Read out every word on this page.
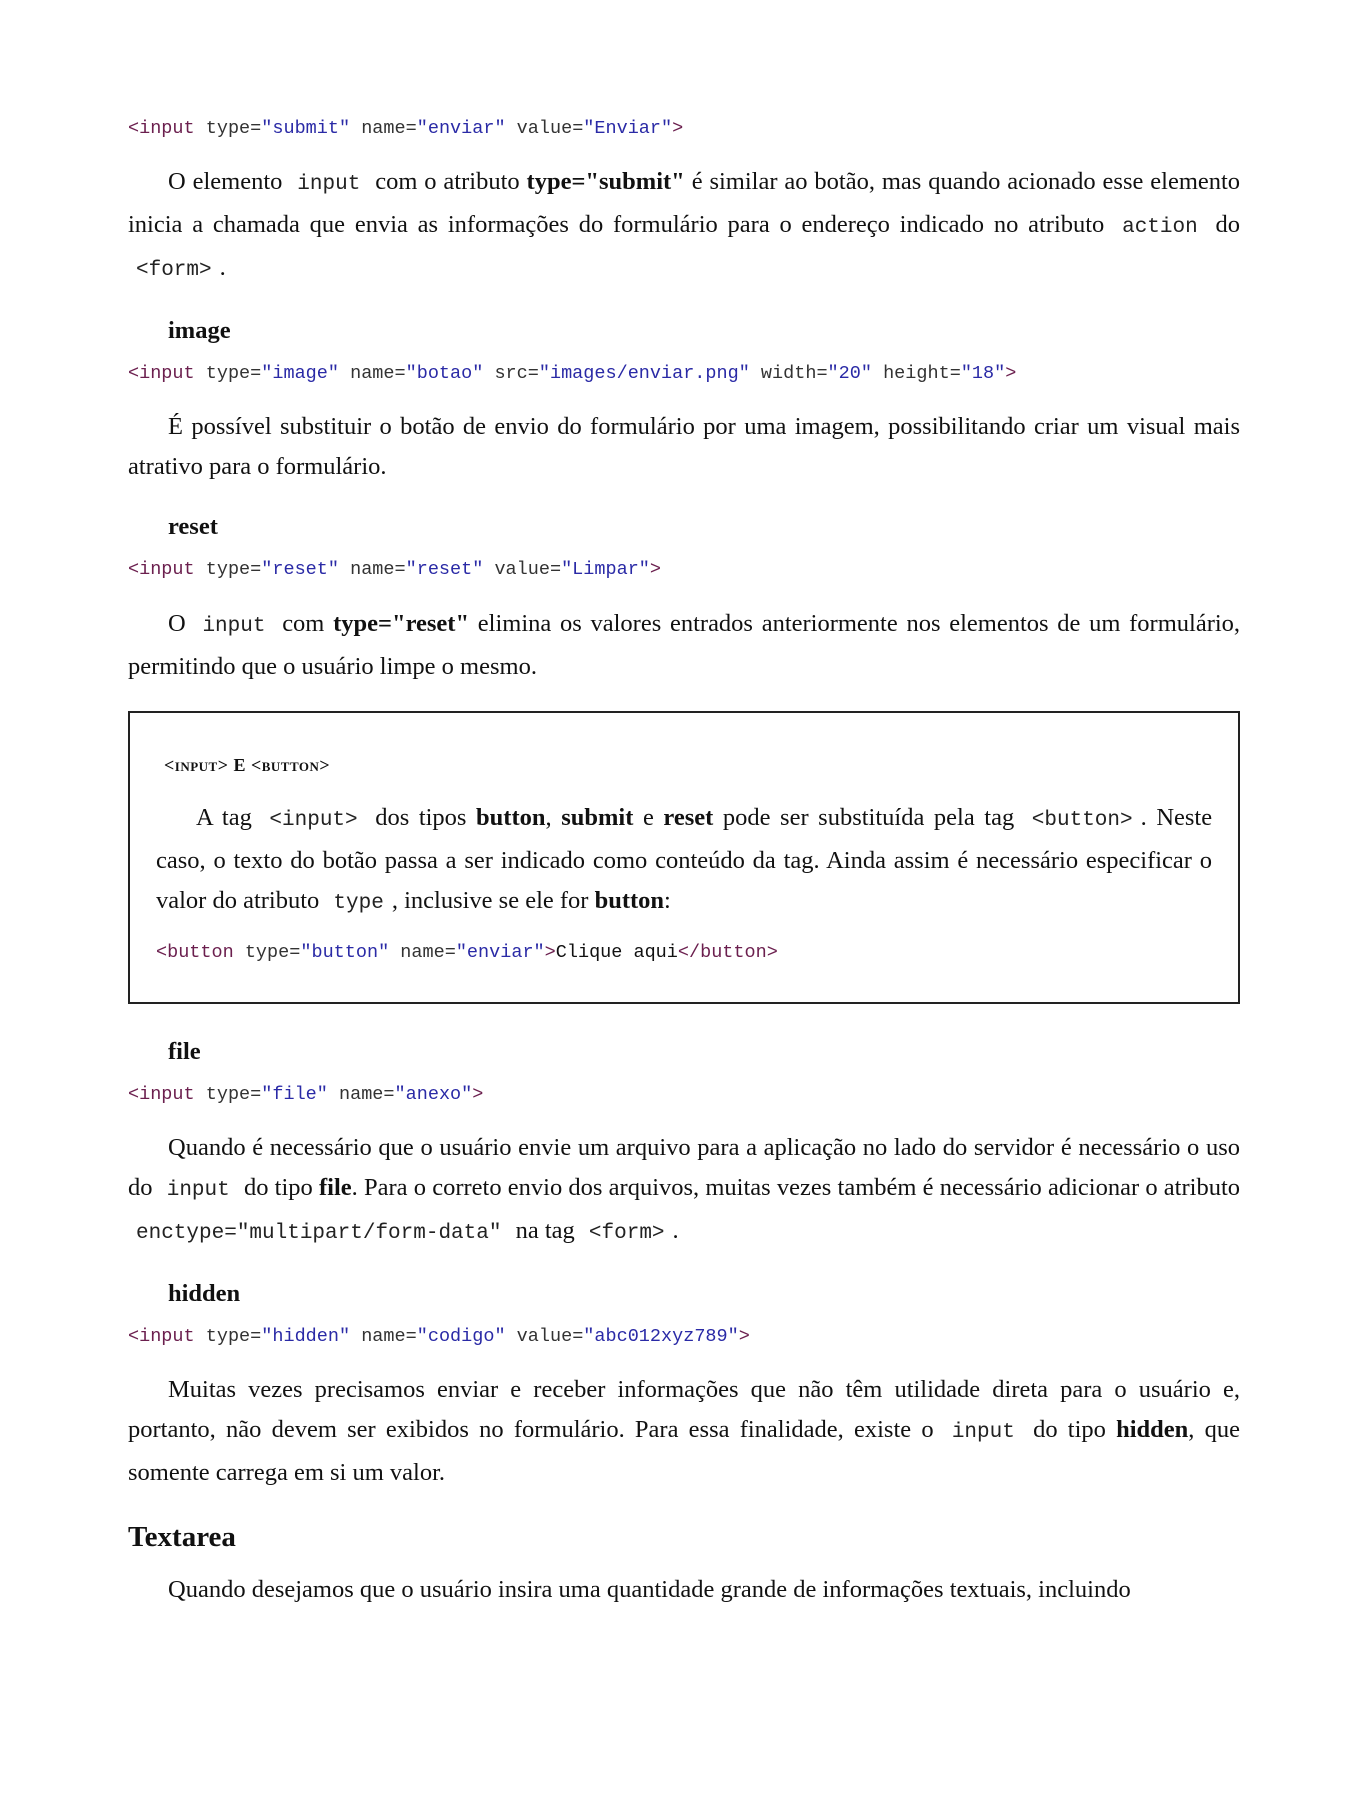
<input type="submit" name="enviar" value="Enviar">

O elemento input com o atributo type="submit" é similar ao botão, mas quando acionado esse elemento inicia a chamada que envia as informações do formulário para o endereço indicado no atributo action do <form> .

image
<input type="image" name="botao" src="images/enviar.png" width="20" height="18">

É possível substituir o botão de envio do formulário por uma imagem, possibilitando criar um visual mais atrativo para o formulário.

reset
<input type="reset" name="reset" value="Limpar">

O input com type="reset" elimina os valores entrados anteriormente nos elementos de um formulário, permitindo que o usuário limpe o mesmo.

<INPUT> E <BUTTON>

A tag <input> dos tipos button, submit e reset pode ser substituída pela tag <button> . Neste caso, o texto do botão passa a ser indicado como conteúdo da tag. Ainda assim é necessário especificar o valor do atributo type , inclusive se ele for button:

<button type="button" name="enviar">Clique aqui</button>
file
<input type="file" name="anexo">

Quando é necessário que o usuário envie um arquivo para a aplicação no lado do servidor é necessário o uso do input do tipo file. Para o correto envio dos arquivos, muitas vezes também é necessário adicionar o atributo enctype="multipart/form-data" na tag <form> .

hidden
<input type="hidden" name="codigo" value="abc012xyz789">

Muitas vezes precisamos enviar e receber informações que não têm utilidade direta para o usuário e, portanto, não devem ser exibidos no formulário. Para essa finalidade, existe o input do tipo hidden, que somente carrega em si um valor.

Textarea

Quando desejamos que o usuário insira uma quantidade grande de informações textuais, incluindo
